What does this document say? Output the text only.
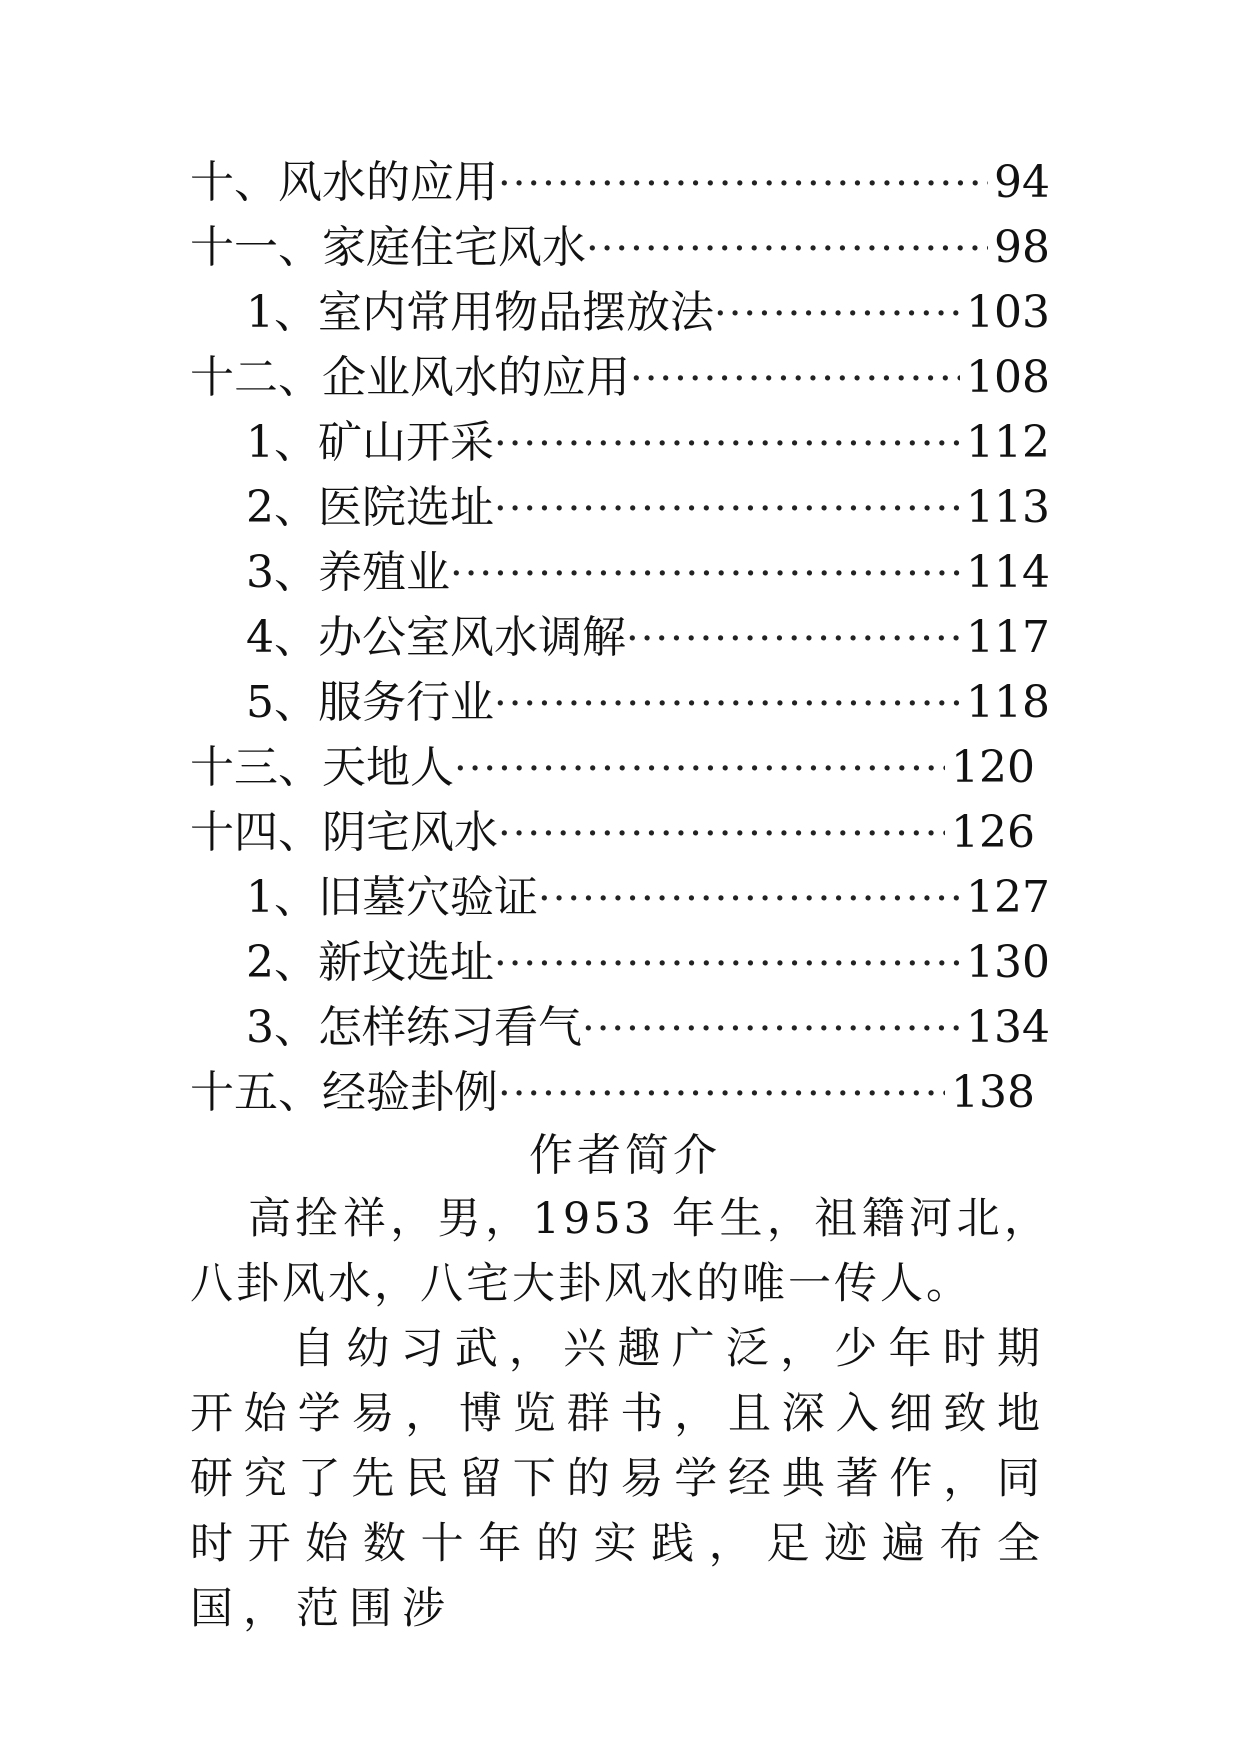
十、风水的应用 ·····	94
十一、家庭住宅风水 ·····	98
1、室内常用物品摆放法 ·····	103
十二、企业风水的应用 ·····	108
1、矿山开采 ·····	112
2、医院选址 ·····	113
3、养殖业 ·····	114
4、办公室风水调解 ·····	117
5、服务行业 ·····	118
十三、天地人 ·····	120
十四、阴宅风水 ·····	126
1、旧墓穴验证 ·····	127
2、新坟选址 ·····	130
3、怎样练习看气 ·····	134
十五、经验卦例 ·····	138
作者简介

高拴祥，男，1953 年生，祖籍河北，八卦风水，八宅大卦风水的唯一传人。

自幼习武，兴趣广泛，少年时期开始学易，博览群书，且深入细致地研究了先民留下的易学经典著作，同时开始数十年的实践，足迹遍布全国，范围涉
